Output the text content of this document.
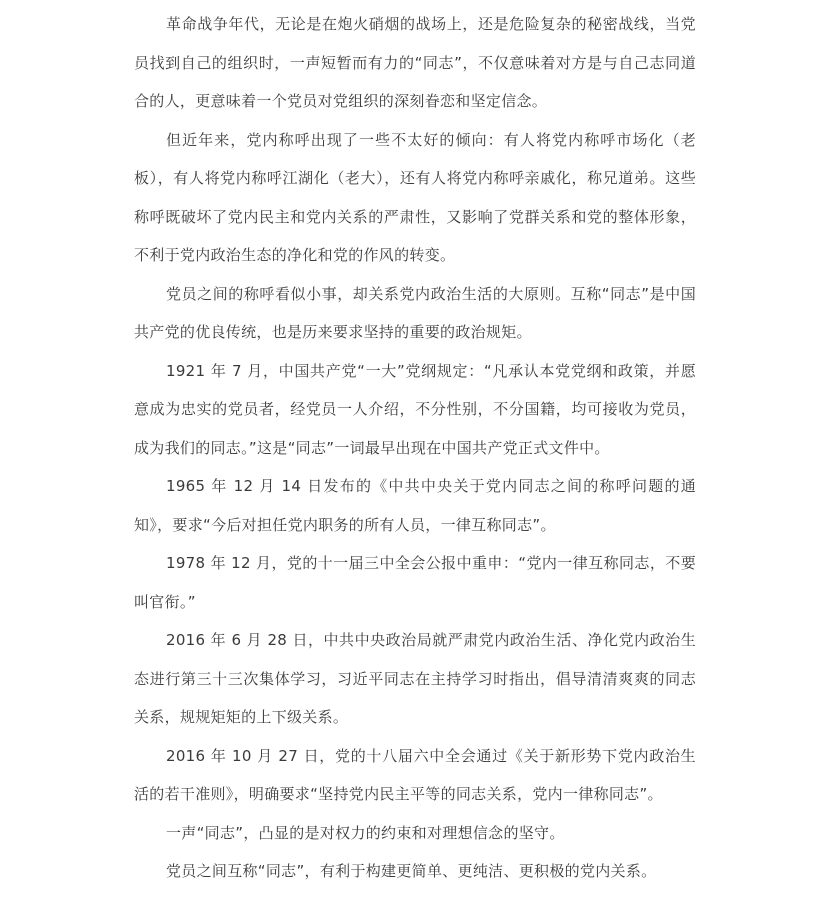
革命战争年代，无论是在炮火硝烟的战场上，还是危险复杂的秘密战线，当党员找到自己的组织时，一声短暂而有力的“同志”，不仅意味着对方是与自己志同道合的人，更意味着一个党员对党组织的深刻眷恋和坚定信念。

但近年来，党内称呼出现了一些不太好的倾向：有人将党内称呼市场化（老板），有人将党内称呼江湖化（老大），还有人将党内称呼亲戚化，称兄道弟。这些称呼既破坏了党内民主和党内关系的严肃性，又影响了党群关系和党的整体形象，不利于党内政治生态的净化和党的作风的转变。

党员之间的称呼看似小事，却关系党内政治生活的大原则。互称“同志”是中国共产党的优良传统，也是历来要求坚持的重要的政治规矩。

1921 年 7 月，中国共产党“一大”党纲规定：“凡承认本党党纲和政策，并愿意成为忠实的党员者，经党员一人介绍，不分性别，不分国籍，均可接收为党员，成为我们的同志。”这是“同志”一词最早出现在中国共产党正式文件中。

1965 年 12 月 14 日发布的《中共中央关于党内同志之间的称呼问题的通知》，要求“今后对担任党内职务的所有人员，一律互称同志”。

1978 年 12 月，党的十一届三中全会公报中重申：“党内一律互称同志，不要叫官衔。”

2016 年 6 月 28 日，中共中央政治局就严肃党内政治生活、净化党内政治生态进行第三十三次集体学习，习近平同志在主持学习时指出，倡导清清爽爽的同志关系，规规矩矩的上下级关系。

2016 年 10 月 27 日，党的十八届六中全会通过《关于新形势下党内政治生活的若干准则》，明确要求“坚持党内民主平等的同志关系，党内一律称同志”。

一声“同志”，凸显的是对权力的约束和对理想信念的坚守。

党员之间互称“同志”，有利于构建更简单、更纯洁、更积极的党内关系。
